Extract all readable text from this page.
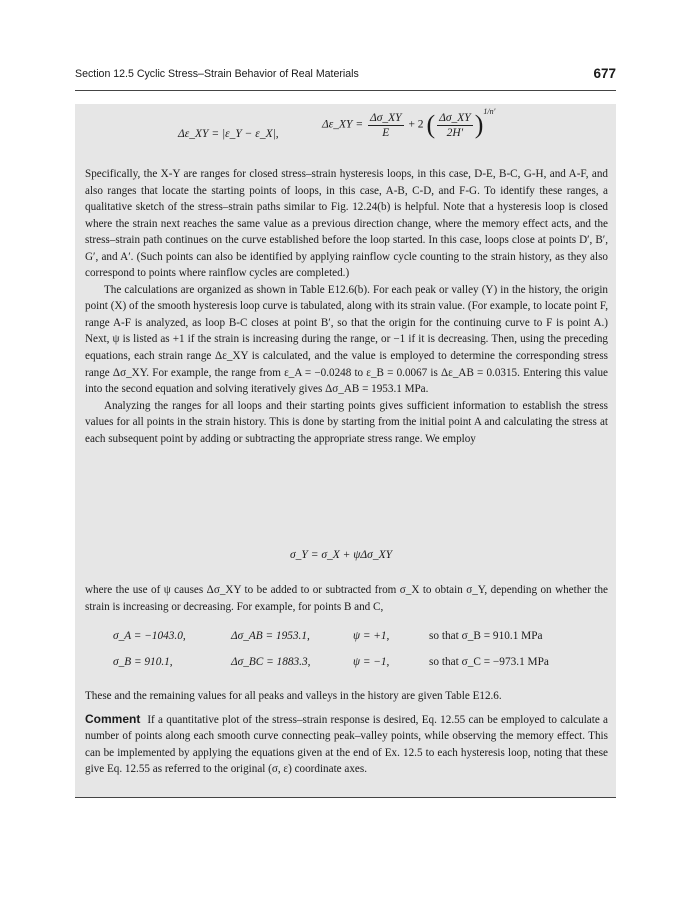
Section 12.5 Cyclic Stress–Strain Behavior of Real Materials	677
Δε_XY = |ε_Y − ε_X|,
Δε_XY = $\frac{\Delta\sigma\_XY}{E} + 2$ ( $\frac{\Delta\sigma\_XY}{2H'} )^{1/n'}$

Specifically, the X-Y are ranges for closed stress–strain hysteresis loops, in this case, D-E, B-C, G-H, and A-F, and also ranges that locate the starting points of loops, in this case, A-B, C-D, and F-G. To identify these ranges, a qualitative sketch of the stress–strain paths similar to Fig. 12.24(b) is helpful. Note that a hysteresis loop is closed where the strain next reaches the same value as a previous direction change, where the memory effect acts, and the stress–strain path continues on the curve established before the loop started. In this case, loops close at points D′, B′, G′, and A′. (Such points can also be identified by applying rainflow cycle counting to the strain history, as they also correspond to points where rainflow cycles are completed.)

The calculations are organized as shown in Table E12.6(b). For each peak or valley (Y) in the history, the origin point (X) of the smooth hysteresis loop curve is tabulated, along with its strain value. (For example, to locate point F, range A-F is analyzed, as loop B-C closes at point B′, so that the origin for the continuing curve to F is point A.) Next, ψ is listed as +1 if the strain is increasing during the range, or −1 if it is decreasing. Then, using the preceding equations, each strain range Δε_XY is calculated, and the value is employed to determine the corresponding stress range Δσ_XY. For example, the range from ε_A = −0.0248 to ε_B = 0.0067 is Δε_AB = 0.0315. Entering this value into the second equation and solving iteratively gives Δσ_AB = 1953.1 MPa.

Analyzing the ranges for all loops and their starting points gives sufficient information to establish the stress values for all points in the strain history. This is done by starting from the initial point A and calculating the stress at each subsequent point by adding or subtracting the appropriate stress range. We employ

σ_Y = σ_X + ψΔσ_XY

where the use of ψ causes Δσ_XY to be added to or subtracted from σ_X to obtain σ_Y, depending on whether the strain is increasing or decreasing. For example, for points B and C,

σ_A = −1043.0,	Δσ_AB = 1953.1,	ψ = +1,	so that σ_B = 910.1 MPa
σ_B = 910.1,	Δσ_BC = 1883.3,	ψ = −1,	so that σ_C = −973.1 MPa

These and the remaining values for all peaks and valleys in the history are given Table E12.6.

Comment If a quantitative plot of the stress–strain response is desired, Eq. 12.55 can be employed to calculate a number of points along each smooth curve connecting peak–valley points, while observing the memory effect. This can be implemented by applying the equations given at the end of Ex. 12.5 to each hysteresis loop, noting that these give Eq. 12.55 as referred to the original (σ, ε) coordinate axes.
